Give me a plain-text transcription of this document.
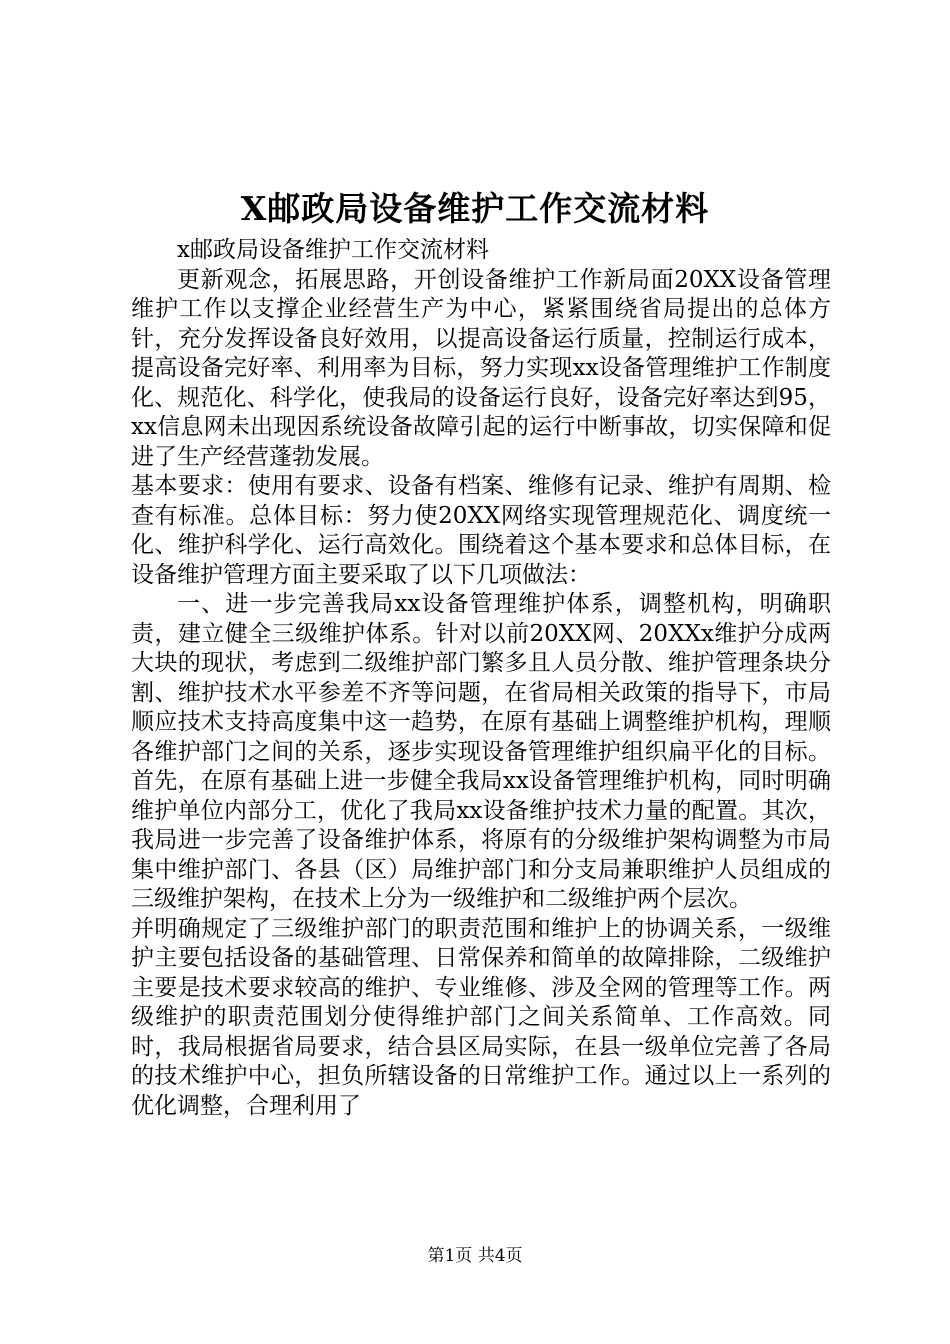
X邮政局设备维护工作交流材料

x邮政局设备维护工作交流材料

更新观念，拓展思路，开创设备维护工作新局面20XX设备管理维护工作以支撑企业经营生产为中心，紧紧围绕省局提出的总体方针，充分发挥设备良好效用，以提高设备运行质量，控制运行成本，提高设备完好率、利用率为目标，努力实现xx设备管理维护工作制度化、规范化、科学化，使我局的设备运行良好，设备完好率达到95，xx信息网未出现因系统设备故障引起的运行中断事故，切实保障和促进了生产经营蓬勃发展。

基本要求：使用有要求、设备有档案、维修有记录、维护有周期、检查有标准。总体目标：努力使20XX网络实现管理规范化、调度统一化、维护科学化、运行高效化。围绕着这个基本要求和总体目标，在设备维护管理方面主要采取了以下几项做法：

一、进一步完善我局xx设备管理维护体系，调整机构，明确职责，建立健全三级维护体系。针对以前20XX网、20XXx维护分成两大块的现状，考虑到二级维护部门繁多且人员分散、维护管理条块分割、维护技术水平参差不齐等问题，在省局相关政策的指导下，市局顺应技术支持高度集中这一趋势，在原有基础上调整维护机构，理顺各维护部门之间的关系，逐步实现设备管理维护组织扁平化的目标。首先，在原有基础上进一步健全我局xx设备管理维护机构，同时明确维护单位内部分工，优化了我局xx设备维护技术力量的配置。其次，我局进一步完善了设备维护体系，将原有的分级维护架构调整为市局集中维护部门、各县（区）局维护部门和分支局兼职维护人员组成的三级维护架构，在技术上分为一级维护和二级维护两个层次。

并明确规定了三级维护部门的职责范围和维护上的协调关系，一级维护主要包括设备的基础管理、日常保养和简单的故障排除，二级维护主要是技术要求较高的维护、专业维修、涉及全网的管理等工作。两级维护的职责范围划分使得维护部门之间关系简单、工作高效。同时，我局根据省局要求，结合县区局实际，在县一级单位完善了各局的技术维护中心，担负所辖设备的日常维护工作。通过以上一系列的优化调整，合理利用了

第1页 共4页
